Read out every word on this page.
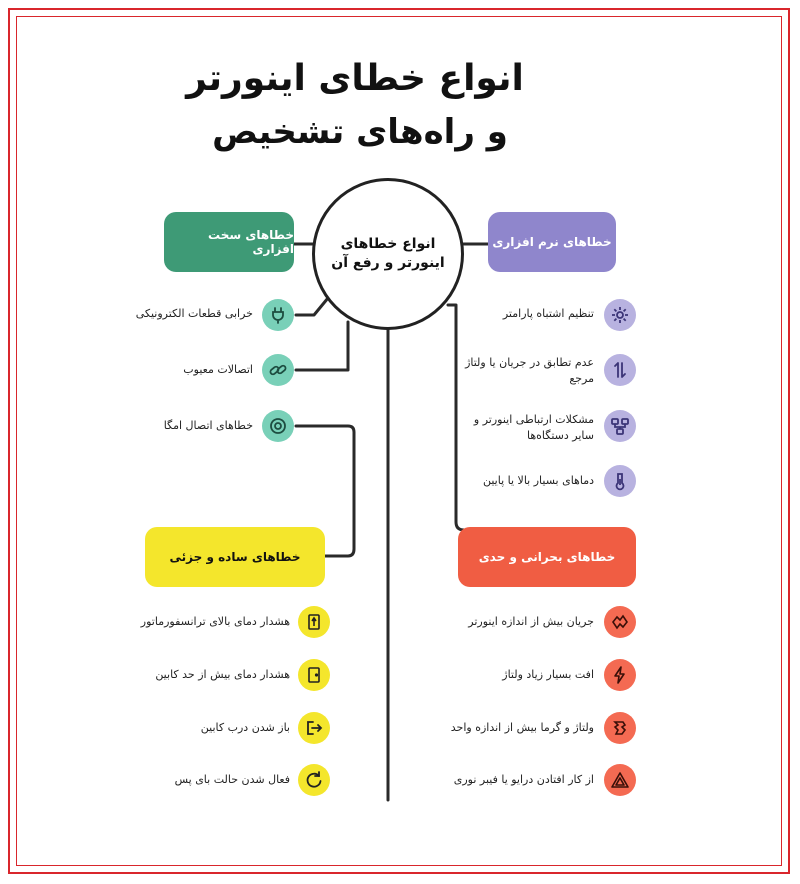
انواع خطای اینورتر
و راه‌های تشخیص
انواع خطاهای اینورتر و رفع آن
خطاهای سخت افزاری	خطاهای نرم افزاری
خطاهای ساده و جزئی	خطاهای بحرانی و حدی
خرابی قطعات الکترونیکی
اتصالات معیوب
خطاهای اتصال امگا
تنظیم اشتباه پارامتر
عدم تطابق در جریان یا ولتاژ مرجع
مشکلات ارتباطی اینورتر و سایر دستگاه‌ها
دماهای بسیار بالا یا پایین
هشدار دمای بالای ترانسفورماتور
هشدار دمای بیش از حد کابین
باز شدن درب کابین
فعال شدن حالت بای پس
جریان بیش از اندازه اینورتر
افت بسیار زیاد ولتاژ
ولتاژ و گرما بیش از اندازه واحد
از کار افتادن درایو یا فیبر نوری
